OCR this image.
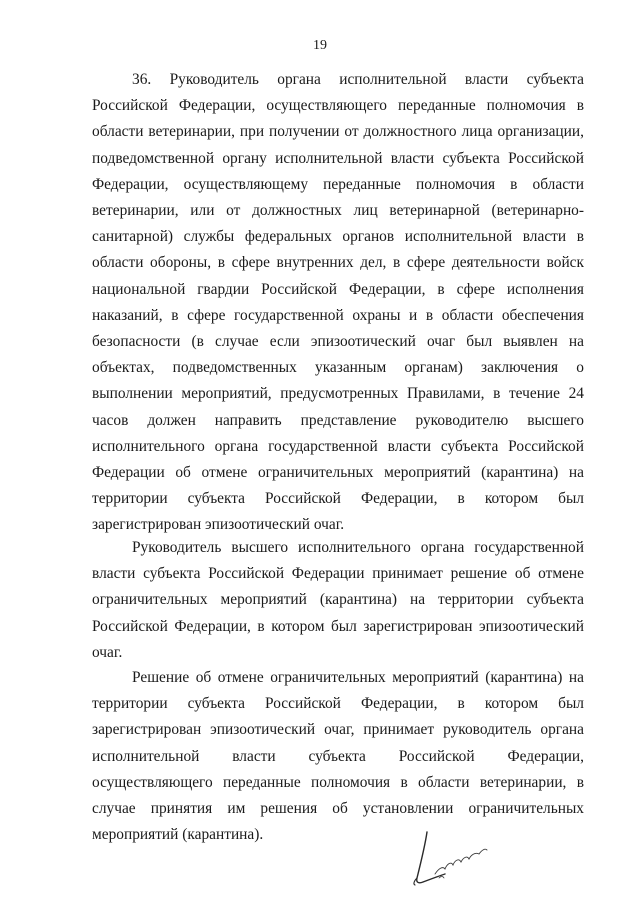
19

36. Руководитель органа исполнительной власти субъекта Российской Федерации, осуществляющего переданные полномочия в области ветеринарии, при получении от должностного лица организации, подведомственной органу исполнительной власти субъекта Российской Федерации, осуществляющему переданные полномочия в области ветеринарии, или от должностных лиц ветеринарной (ветеринарно-санитарной) службы федеральных органов исполнительной власти в области обороны, в сфере внутренних дел, в сфере деятельности войск национальной гвардии Российской Федерации, в сфере исполнения наказаний, в сфере государственной охраны и в области обеспечения безопасности (в случае если эпизоотический очаг был выявлен на объектах, подведомственных указанным органам) заключения о выполнении мероприятий, предусмотренных Правилами, в течение 24 часов должен направить представление руководителю высшего исполнительного органа государственной власти субъекта Российской Федерации об отмене ограничительных мероприятий (карантина) на территории субъекта Российской Федерации, в котором был зарегистрирован эпизоотический очаг.

Руководитель высшего исполнительного органа государственной власти субъекта Российской Федерации принимает решение об отмене ограничительных мероприятий (карантина) на территории субъекта Российской Федерации, в котором был зарегистрирован эпизоотический очаг.

Решение об отмене ограничительных мероприятий (карантина) на территории субъекта Российской Федерации, в котором был зарегистрирован эпизоотический очаг, принимает руководитель органа исполнительной власти субъекта Российской Федерации, осуществляющего переданные полномочия в области ветеринарии, в случае принятия им решения об установлении ограничительных мероприятий (карантина).
